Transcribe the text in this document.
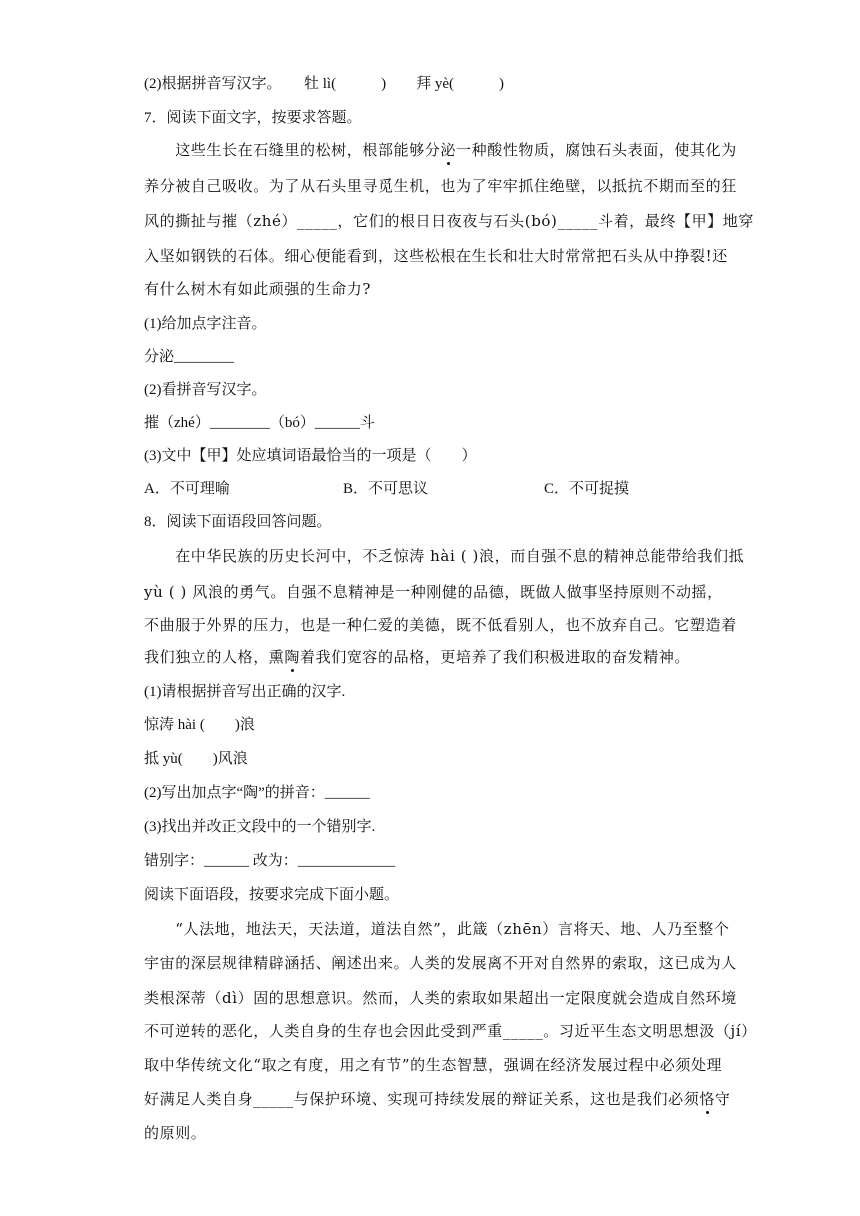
(2)根据拼音写汉字。　　牡 lì(　　　)　　拜 yè(　　　)
7．阅读下面文字，按要求答题。
　　这些生长在石缝里的松树，根部能够分泌一种酸性物质，腐蚀石头表面，使其化为
养分被自己吸收。为了从石头里寻觅生机，也为了牢牢抓住绝壁，以抵抗不期而至的狂
风的撕扯与摧（zhé）_____，它们的根日日夜夜与石头(bó)_____斗着，最终【甲】地穿
入坚如钢铁的石体。细心便能看到，这些松根在生长和壮大时常常把石头从中挣裂!还
有什么树木有如此顽强的生命力?
(1)给加点字注音。
分泌________
(2)看拼音写汉字。
摧（zhé）________（bó）______斗
(3)文中【甲】处应填词语最恰当的一项是（　　）
A．不可理喻	B．不可思议	C．不可捉摸
8．阅读下面语段回答问题。
　　在中华民族的历史长河中，不乏惊涛 hài ( )浪，而自强不息的精神总能带给我们抵
yù ( ) 风浪的勇气。自强不息精神是一种刚健的品德，既做人做事坚持原则不动摇，
不曲服于外界的压力，也是一种仁爱的美德，既不低看别人，也不放弃自己。它塑造着
我们独立的人格，熏陶着我们宽容的品格，更培养了我们积极进取的奋发精神。
(1)请根据拼音写出正确的汉字.
惊涛 hài (　　)浪
抵 yù(　　)风浪
(2)写出加点字“陶”的拼音：______
(3)找出并改正文段中的一个错别字.
错别字：______ 改为：_____________
阅读下面语段，按要求完成下面小题。
　　“人法地，地法天，天法道，道法自然”，此箴（zhēn）言将天、地、人乃至整个
宇宙的深层规律精辟涵括、阐述出来。人类的发展离不开对自然界的索取，这已成为人
类根深蒂（dì）固的思想意识。然而，人类的索取如果超出一定限度就会造成自然环境
不可逆转的恶化，人类自身的生存也会因此受到严重_____。习近平生态文明思想汲（jí）
取中华传统文化“取之有度，用之有节”的生态智慧，强调在经济发展过程中必须处理
好满足人类自身_____与保护环境、实现可持续发展的辩证关系，这也是我们必须恪守
的原则。
